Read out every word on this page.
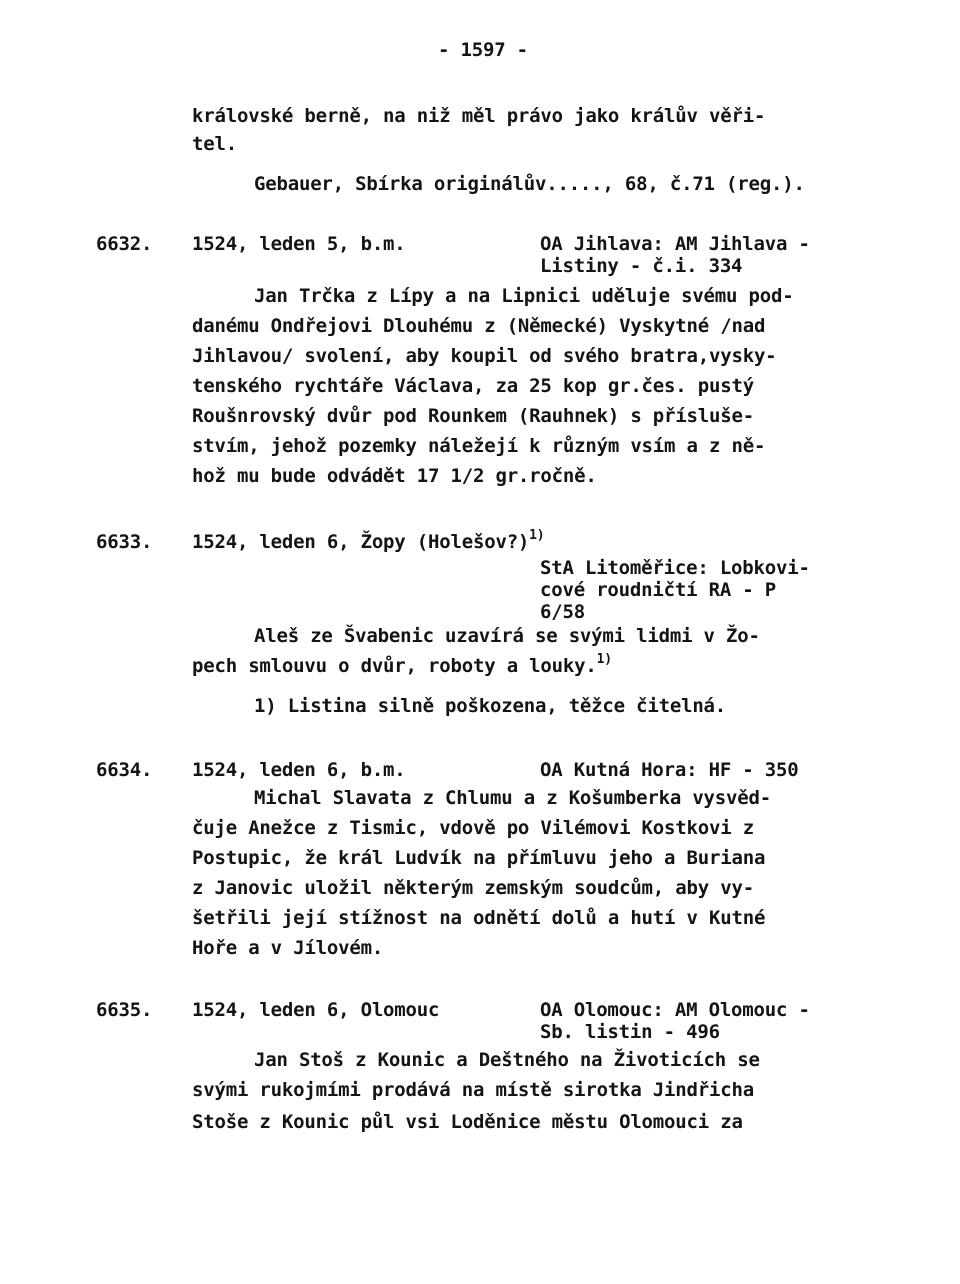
- 1597 -
královské berně, na niž měl právo jako králův věři-
tel.
Gebauer, Sbírka originálův....., 68, č.71 (reg.).
6632. 1524, leden 5, b.m.	OA Jihlava: AM Jihlava -
Listiny - č.i. 334
Jan Trčka z Lípy a na Lipnici uděluje svému pod-
danému Ondřejovi Dlouhému z (Německé) Vyskytné /nad
Jihlavou/ svolení, aby koupil od svého bratra,vysky-
tenského rychtáře Václava, za 25 kop gr.čes. pustý
Roušnrovský dvůr pod Rounkem (Rauhnek) s přísluše-
stvím, jehož pozemky náležejí k různým vsím a z ně-
hož mu bude odvádět 17 1/2 gr.ročně.
6633. 1524, leden 6, Žopy (Holešov?)$^{1)}$
StA Litoměřice: Lobkovi-
cové roudničtí RA - P
6/58
Aleš ze Švabenic uzavírá se svými lidmi v Žo-
pech smlouvu o dvůr, roboty a louky.$^{1)}$
1) Listina silně poškozena, těžce čitelná.
6634. 1524, leden 6, b.m.	OA Kutná Hora: HF - 350
Michal Slavata z Chlumu a z Košumberka vysvěd-
čuje Anežce z Tismic, vdově po Vilémovi Kostkovi z
Postupic, že král Ludvík na přímluvu jeho a Buriana
z Janovic uložil některým zemským soudcům, aby vy-
šetřili její stížnost na odnětí dolů a hutí v Kutné
Hoře a v Jílovém.
6635. 1524, leden 6, Olomouc	OA Olomouc: AM Olomouc -
Sb. listin - 496
Jan Stoš z Kounic a Deštného na Životicích se
svými rukojmími prodává na místě sirotka Jindřicha
Stoše z Kounic půl vsi Loděnice městu Olomouci za
